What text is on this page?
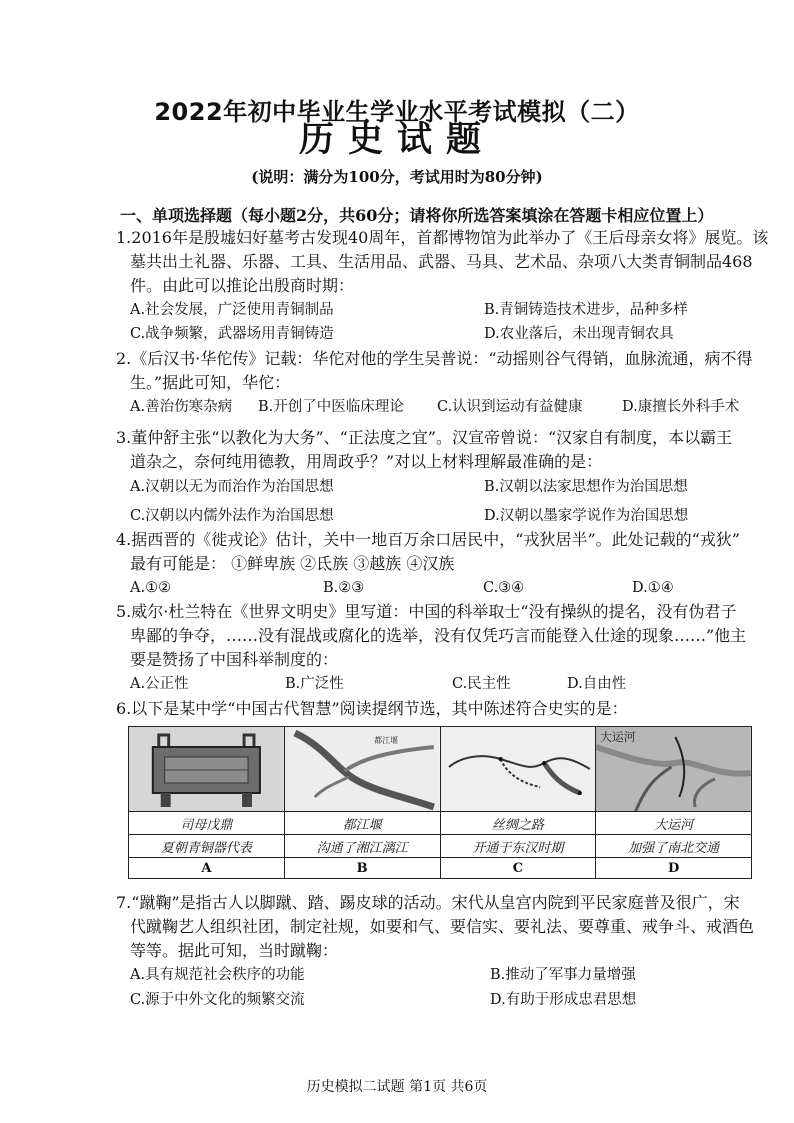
2022年初中毕业生学业水平考试模拟（二）
历史试题
(说明：满分为100分，考试用时为80分钟)
一、单项选择题（每小题2分，共60分；请将你所选答案填涂在答题卡相应位置上）
1.2016年是殷墟妇好墓考古发现40周年，首都博物馆为此举办了《王后母亲女将》展览。该
墓共出土礼器、乐器、工具、生活用品、武器、马具、艺术品、杂项八大类青铜制品468
件。由此可以推论出殷商时期：
A.社会发展，广泛使用青铜制品	B.青铜铸造技术进步，品种多样
C.战争频繁，武器场用青铜铸造	D.农业落后，未出现青铜农具
2.《后汉书·华佗传》记载：华佗对他的学生吴普说：“动摇则谷气得销，血脉流通，病不得
生。”据此可知，华佗：
A.善治伤寒杂病 B.开创了中医临床理论 C.认识到运动有益健康	D.康擅长外科手术
3.董仲舒主张“以教化为大务”、“正法度之宜”。汉宣帝曾说：“汉家自有制度，本以霸王
道杂之，奈何纯用德教，用周政乎？”对以上材料理解最准确的是：
A.汉朝以无为而治作为治国思想	B.汉朝以法家思想作为治国思想
C.汉朝以内儒外法作为治国思想	D.汉朝以墨家学说作为治国思想
4.据西晋的《徙戎论》估计，关中一地百万余口居民中，“戎狄居半”。此处记载的“戎狄”
最有可能是： ①鲜卑族 ②氐族 ③越族 ④汉族
A.①②	B.②③	C.③④	D.①④
5.威尔·杜兰特在《世界文明史》里写道：中国的科举取士“没有操纵的提名，没有伪君子
卑鄙的争夺，……没有混战或腐化的选举，没有仅凭巧言而能登入仕途的现象……”他主
要是赞扬了中国科举制度的：
A.公正性	B.广泛性	C.民主性	D.自由性
6.以下是某中学“中国古代智慧”阅读提纲节选，其中陈述符合史实的是：

都江堰		大运河

司母戊鼎	都江堰	丝绸之路	大运河
夏朝青铜器代表	沟通了湘江漓江	开通于东汉时期	加强了南北交通
A	B	C	D
7.“蹴鞠”是指古人以脚蹴、踏、踢皮球的活动。宋代从皇宫内院到平民家庭普及很广，宋
代蹴鞠艺人组织社团，制定社规，如要和气、要信实、要礼法、要尊重、戒争斗、戒酒色
等等。据此可知，当时蹴鞠：
A.具有规范社会秩序的功能	B.推动了军事力量增强
C.源于中外文化的频繁交流	D.有助于形成忠君思想
历史模拟二试题 第1页 共6页
